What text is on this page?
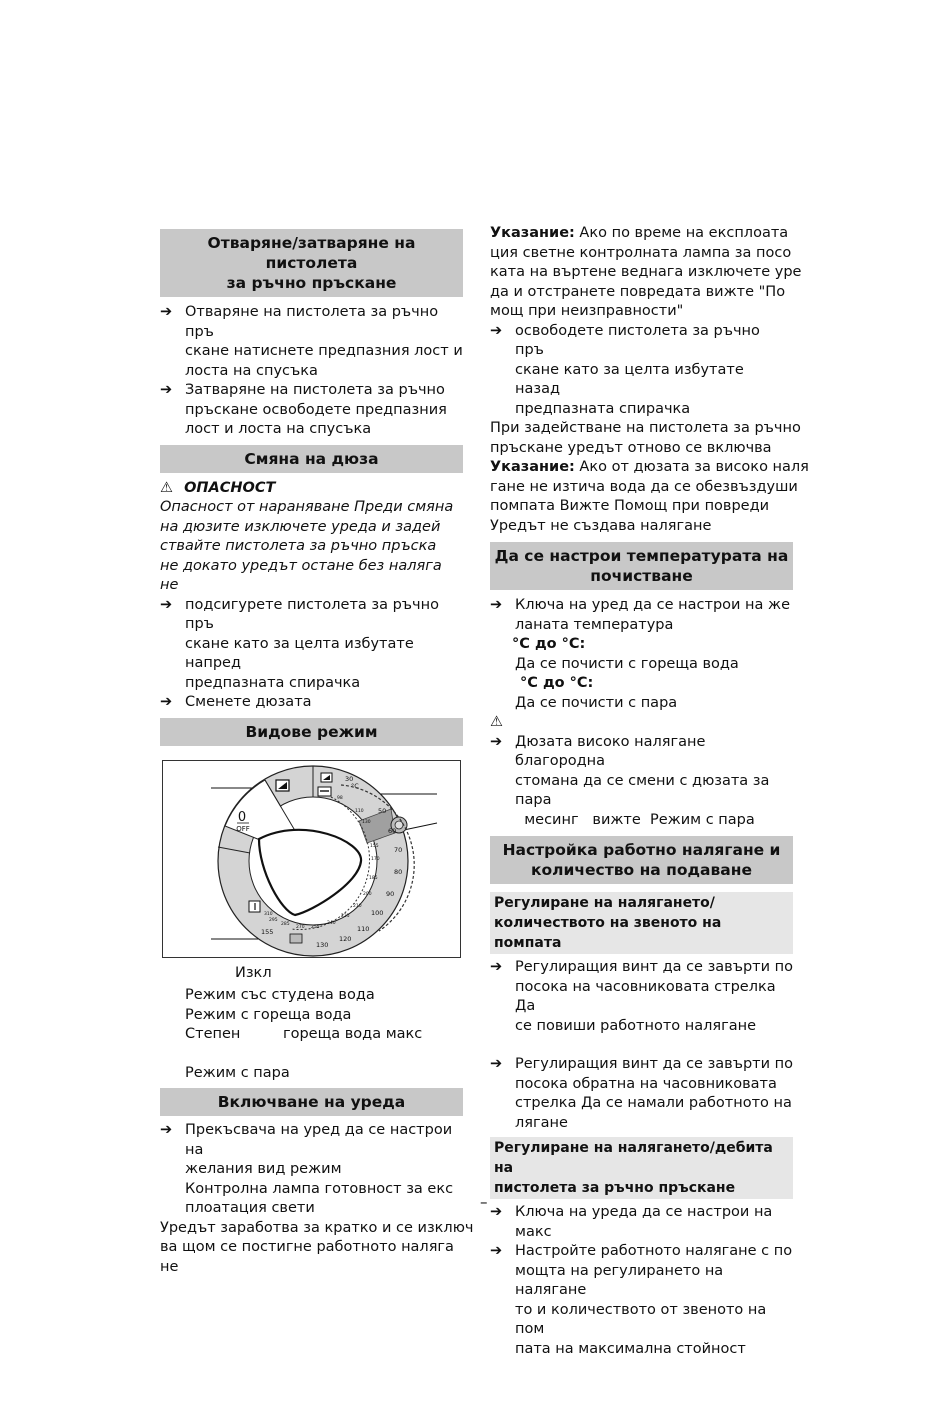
Отваряне/затваряне на пистолета
за ръчно пръскане
➔ Отваряне на пистолета за ръчно пръ
скане натиснете предпазния лост и
лоста на спусъка
➔ Затваряне на пистолета за ръчно
пръскане освободете предпазния
лост и лоста на спусъка
Смяна на дюза
⚠ ОПАСНОСТ
Опасност от нараняване Преди смяна
на дюзите изключете уреда и задей
ствайте пистолета за ръчно пръска
не докато уредът остане без наляга
не
➔ подсигурете пистолета за ръчно пръ
скане като за целта избутате напред
предпазната спирачка
➔ Сменете дюзата
Видове режим
0
OFF
30
°C
50
60
70
80
90
100
110
120
130
98
110
130
155
170
185
200
210
225
240
255
270
285
295
310
155
Изкл
Режим със студена вода
Режим с гореща вода
Степен	гореща вода макс
Режим с пара
Включване на уреда
➔ Прекъсвача на уред да се настрои на
желания вид режим
Контролна лампа готовност за екс
плоатация свети
Уредът заработва за кратко и се изключ
ва щом се постигне работното наляга
не
Указание: Ако по време на експлоата
ция светне контролната лампа за посо
ката на въртене веднага изключете уре
да и отстранете повредата вижте "По
мощ при неизправности"
➔ освободете пистолета за ръчно пръ
скане като за целта избутате назад
предпазната спирачка
При задействане на пистолета за ръчно
пръскане уредът отново се включва
Указание: Ако от дюзата за високо наля
гане не изтича вода да се обезвъздуши
помпата Вижте Помощ при повреди
Уредът не създава налягане
Да се настрои температурата на
почистване
➔ Ключа на уред да се настрои на же
ланата температура
°C до °C:
Да се почисти с гореща вода
°C до °C:
Да се почисти с пара
⚠
➔ Дюзата високо налягане благородна
стомана да се смени с дюзата за пара
месинг   вижте  Режим с пара
Настройка работно налягане и
количество на подаване
Регулиране на налягането/
количеството на звеното на помпата
➔ Регулиращия винт да се завърти по
посока на часовниковата стрелка Да
се повиши работното налягане
➔ Регулиращия винт да се завърти по
посока обратна на часовниковата
стрелка Да се намали работното на
лягане
Регулиране на налягането/дебита на
пистолета за ръчно пръскане
➔ Ключа на уреда да се настрои на
макс
➔ Настройте работното налягане с по
мощта на регулирането на налягане
то и количеството от звеното на пом
пата на максимална стойност
–
